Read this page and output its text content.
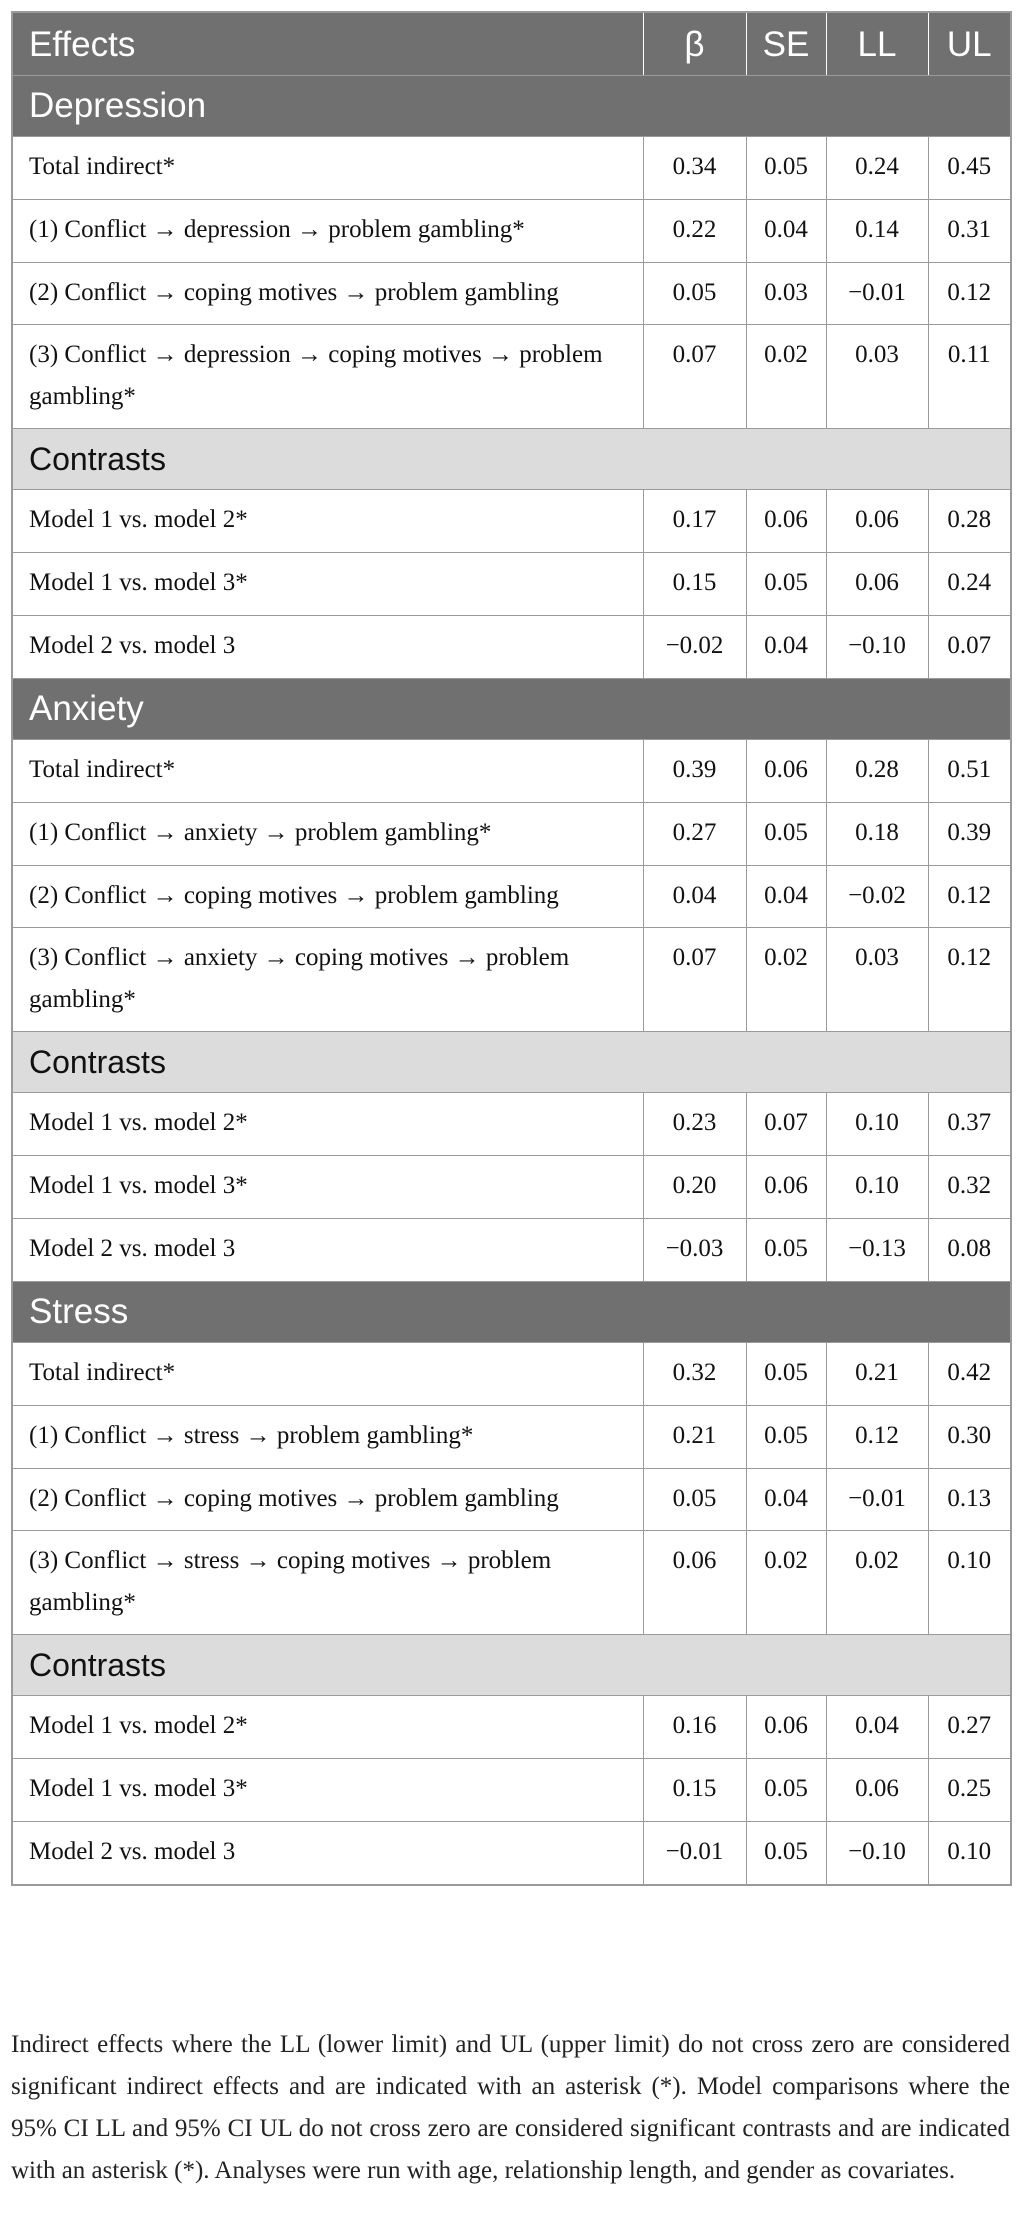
Effects	β	SE	LL	UL
Depression				
Total indirect*	0.34	0.05	0.24	0.45
(1) Conflict → depression → problem gambling*	0.22	0.04	0.14	0.31
(2) Conflict → coping motives → problem gambling	0.05	0.03	−0.01	0.12
(3) Conflict → depression → coping motives → problem gambling*	0.07	0.02	0.03	0.11
Contrasts				
Model 1 vs. model 2*	0.17	0.06	0.06	0.28
Model 1 vs. model 3*	0.15	0.05	0.06	0.24
Model 2 vs. model 3	−0.02	0.04	−0.10	0.07
Anxiety				
Total indirect*	0.39	0.06	0.28	0.51
(1) Conflict → anxiety → problem gambling*	0.27	0.05	0.18	0.39
(2) Conflict → coping motives → problem gambling	0.04	0.04	−0.02	0.12
(3) Conflict → anxiety → coping motives → problem gambling*	0.07	0.02	0.03	0.12
Contrasts				
Model 1 vs. model 2*	0.23	0.07	0.10	0.37
Model 1 vs. model 3*	0.20	0.06	0.10	0.32
Model 2 vs. model 3	−0.03	0.05	−0.13	0.08
Stress				
Total indirect*	0.32	0.05	0.21	0.42
(1) Conflict → stress → problem gambling*	0.21	0.05	0.12	0.30
(2) Conflict → coping motives → problem gambling	0.05	0.04	−0.01	0.13
(3) Conflict → stress → coping motives → problem gambling*	0.06	0.02	0.02	0.10
Contrasts				
Model 1 vs. model 2*	0.16	0.06	0.04	0.27
Model 1 vs. model 3*	0.15	0.05	0.06	0.25
Model 2 vs. model 3	−0.01	0.05	−0.10	0.10

Indirect effects where the LL (lower limit) and UL (upper limit) do not cross zero are considered significant indirect effects and are indicated with an asterisk (*). Model comparisons where the 95% CI LL and 95% CI UL do not cross zero are considered significant contrasts and are indicated with an asterisk (*). Analyses were run with age, relationship length, and gender as covariates.
